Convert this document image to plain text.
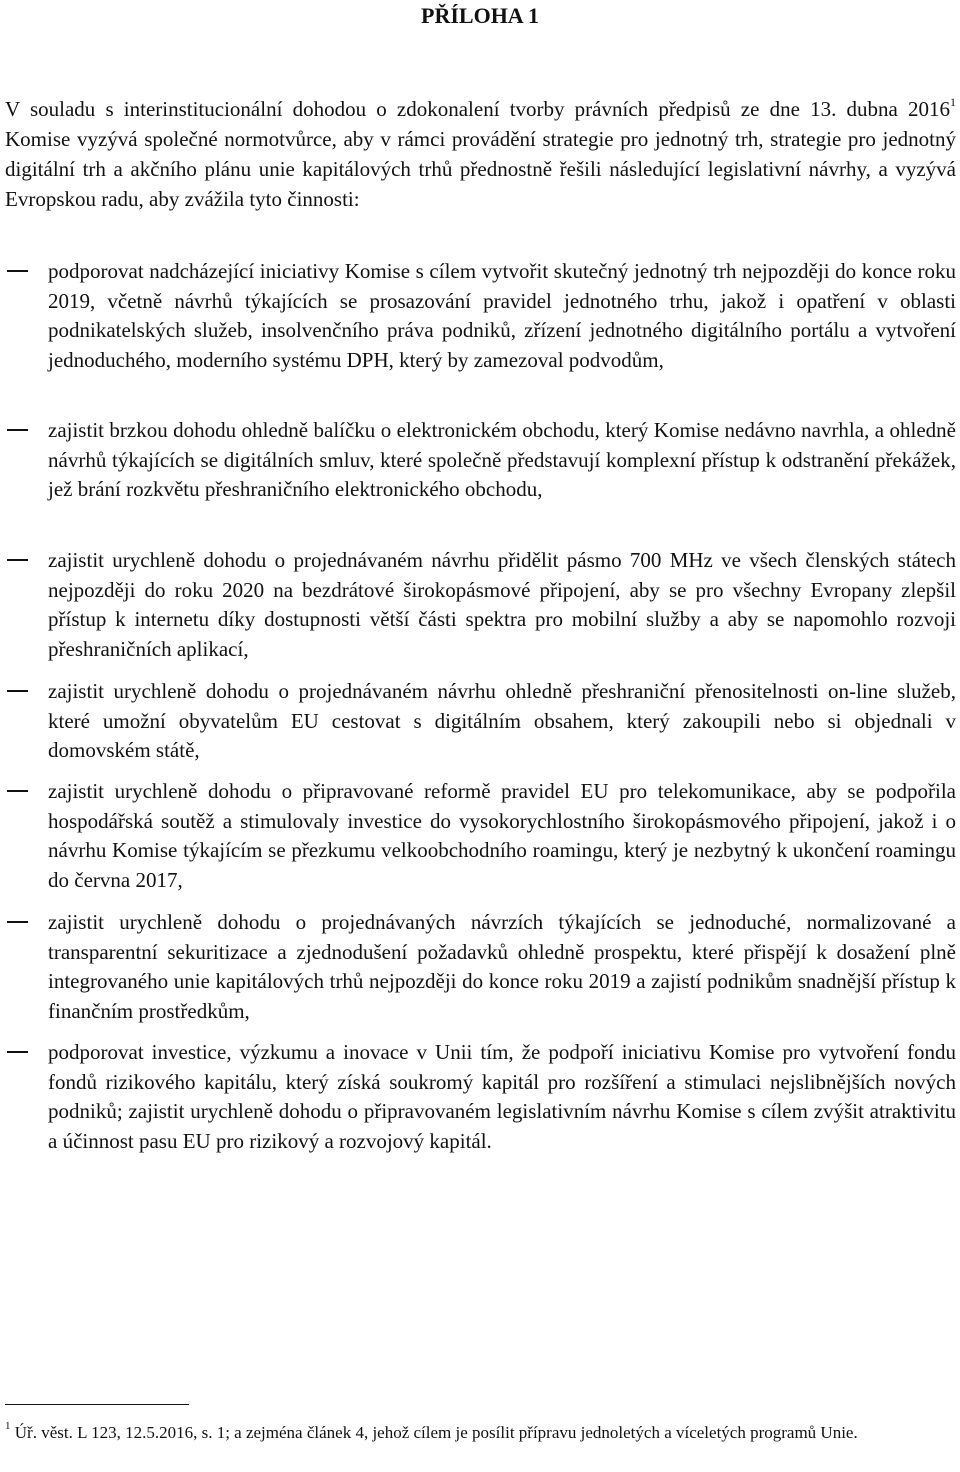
PŘÍLOHA 1

V souladu s interinstitucionální dohodou o zdokonalení tvorby právních předpisů ze dne 13. dubna 2016$^1$ Komise vyzývá společné normotvůrce, aby v rámci provádění strategie pro jednotný trh, strategie pro jednotný digitální trh a akčního plánu unie kapitálových trhů přednostně řešili následující legislativní návrhy, a vyzývá Evropskou radu, aby zvážila tyto činnosti:

podporovat nadcházející iniciativy Komise s cílem vytvořit skutečný jednotný trh nejpozději do konce roku 2019, včetně návrhů týkajících se prosazování pravidel jednotného trhu, jakož i opatření v oblasti podnikatelských služeb, insolvenčního práva podniků, zřízení jednotného digitálního portálu a vytvoření jednoduchého, moderního systému DPH, který by zamezoval podvodům,

zajistit brzkou dohodu ohledně balíčku o elektronickém obchodu, který Komise nedávno navrhla, a ohledně návrhů týkajících se digitálních smluv, které společně představují komplexní přístup k odstranění překážek, jež brání rozkvětu přeshraničního elektronického obchodu,

zajistit urychleně dohodu o projednávaném návrhu přidělit pásmo 700 MHz ve všech členských státech nejpozději do roku 2020 na bezdrátové širokopásmové připojení, aby se pro všechny Evropany zlepšil přístup k internetu díky dostupnosti větší části spektra pro mobilní služby a aby se napomohlo rozvoji přeshraničních aplikací,

zajistit urychleně dohodu o projednávaném návrhu ohledně přeshraniční přenositelnosti on-line služeb, které umožní obyvatelům EU cestovat s digitálním obsahem, který zakoupili nebo si objednali v domovském státě,

zajistit urychleně dohodu o připravované reformě pravidel EU pro telekomunikace, aby se podpořila hospodářská soutěž a stimulovaly investice do vysokorychlostního širokopásmového připojení, jakož i o návrhu Komise týkajícím se přezkumu velkoobchodního roamingu, který je nezbytný k ukončení roamingu do června 2017,

zajistit urychleně dohodu o projednávaných návrzích týkajících se jednoduché, normalizované a transparentní sekuritizace a zjednodušení požadavků ohledně prospektu, které přispějí k dosažení plně integrovaného unie kapitálových trhů nejpozději do konce roku 2019 a zajistí podnikům snadnější přístup k finančním prostředkům,

podporovat investice, výzkumu a inovace v Unii tím, že podpoří iniciativu Komise pro vytvoření fondu fondů rizikového kapitálu, který získá soukromý kapitál pro rozšíření a stimulaci nejslibnějších nových podniků; zajistit urychleně dohodu o připravovaném legislativním návrhu Komise s cílem zvýšit atraktivitu a účinnost pasu EU pro rizikový a rozvojový kapitál.

$^1$ Úř. věst. L 123, 12.5.2016, s. 1; a zejména článek 4, jehož cílem je posílit přípravu jednoletých a víceletých programů Unie.
